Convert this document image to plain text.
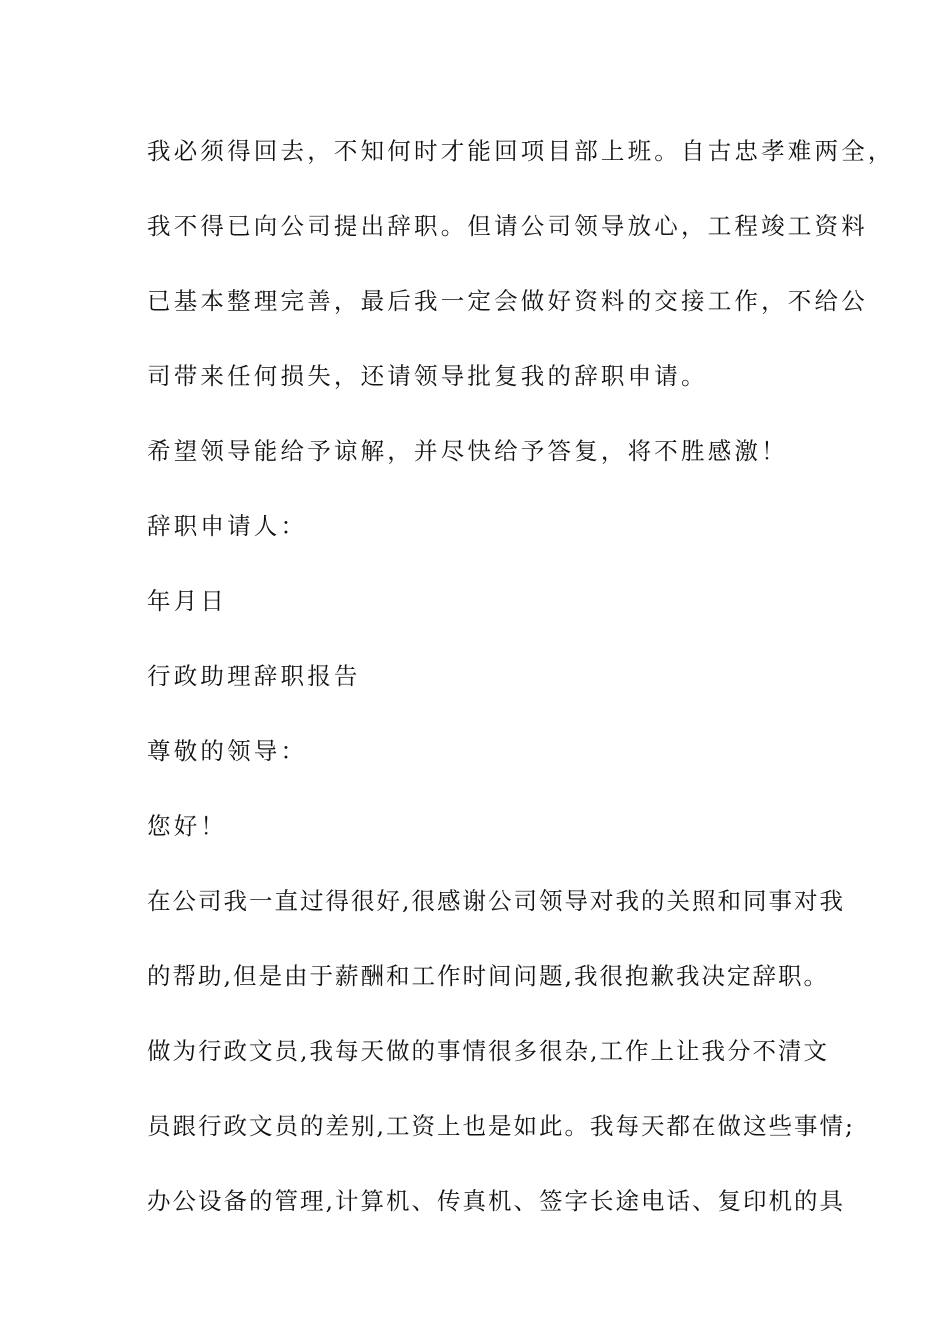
我必须得回去，不知何时才能回项目部上班。自古忠孝难两全，
我不得已向公司提出辞职。但请公司领导放心，工程竣工资料
已基本整理完善，最后我一定会做好资料的交接工作，不给公
司带来任何损失，还请领导批复我的辞职申请。
希望领导能给予谅解，并尽快给予答复，将不胜感激！
辞职申请人：
年月日
行政助理辞职报告
尊敬的领导：
您好！
在公司我一直过得很好,很感谢公司领导对我的关照和同事对我
的帮助,但是由于薪酬和工作时间问题,我很抱歉我决定辞职。
做为行政文员,我每天做的事情很多很杂,工作上让我分不清文
员跟行政文员的差别,工资上也是如此。我每天都在做这些事情;
办公设备的管理,计算机、传真机、签字长途电话、复印机的具
